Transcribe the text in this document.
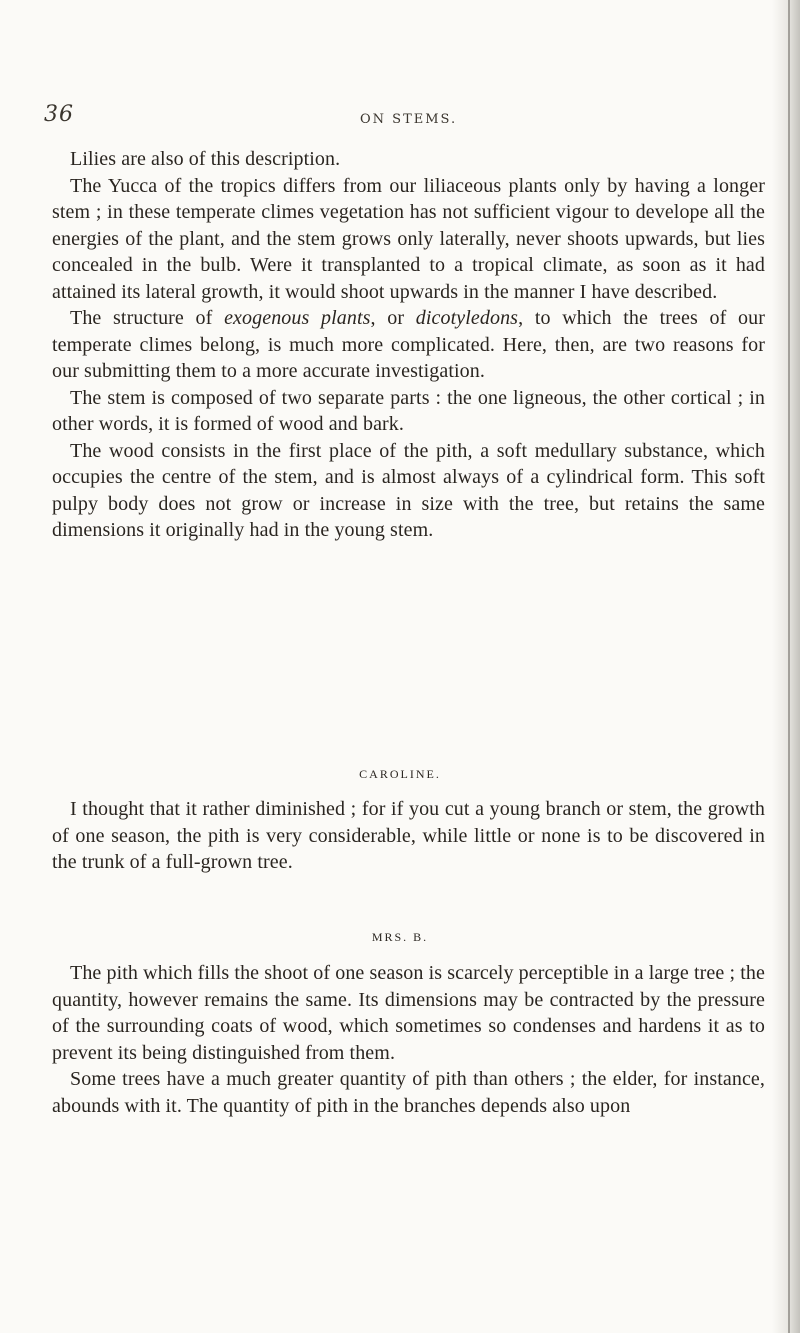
36	ON STEMS.

Lilies are also of this description.

The Yucca of the tropics differs from our liliaceous plants only by having a longer stem ; in these temperate climes vegetation has not sufficient vigour to develope all the energies of the plant, and the stem grows only laterally, never shoots upwards, but lies concealed in the bulb. Were it transplanted to a tropical climate, as soon as it had attained its lateral growth, it would shoot upwards in the manner I have described.

The structure of exogenous plants, or dicotyledons, to which the trees of our temperate climes belong, is much more complicated. Here, then, are two reasons for our submitting them to a more accurate investigation.

The stem is composed of two separate parts : the one ligneous, the other cortical ; in other words, it is formed of wood and bark.

The wood consists in the first place of the pith, a soft medullary substance, which occupies the centre of the stem, and is almost always of a cylindrical form. This soft pulpy body does not grow or increase in size with the tree, but retains the same dimensions it originally had in the young stem.

CAROLINE.

I thought that it rather diminished ; for if you cut a young branch or stem, the growth of one season, the pith is very considerable, while little or none is to be discovered in the trunk of a full-grown tree.

MRS. B.

The pith which fills the shoot of one season is scarcely perceptible in a large tree ; the quantity, however remains the same. Its dimensions may be contracted by the pressure of the surrounding coats of wood, which sometimes so condenses and hardens it as to prevent its being distinguished from them.

Some trees have a much greater quantity of pith than others ; the elder, for instance, abounds with it. The quantity of pith in the branches depends also upon
